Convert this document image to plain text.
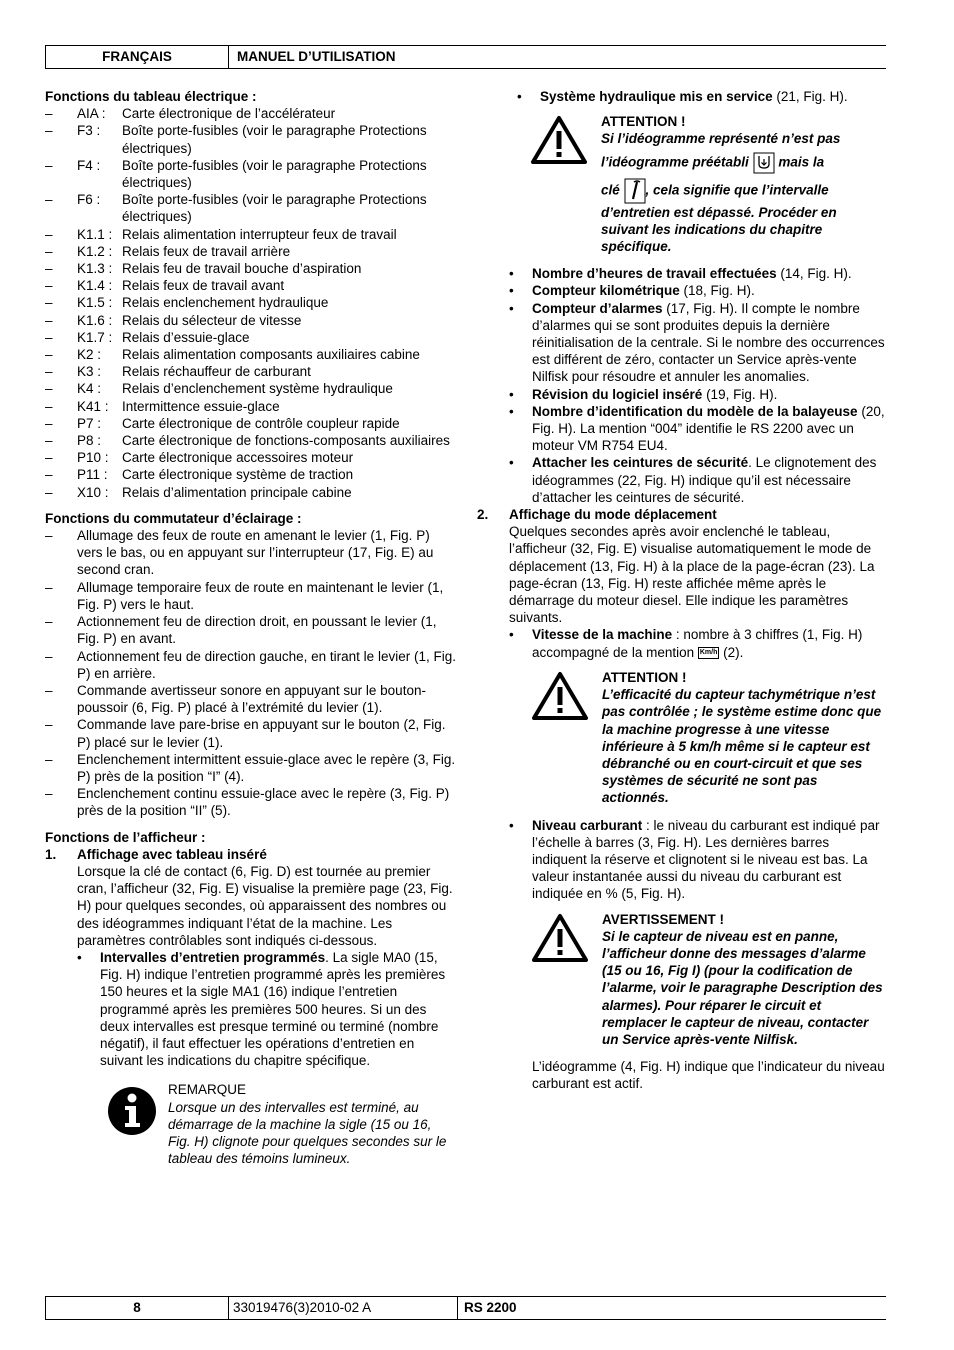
FRANÇAIS	MANUEL D’UTILISATION
Fonctions du tableau électrique :
– AIA :	Carte électronique de l’accélérateur
– F3 :	Boîte porte-fusibles (voir le paragraphe Protections électriques)
– F4 :	Boîte porte-fusibles (voir le paragraphe Protections électriques)
– F6 :	Boîte porte-fusibles (voir le paragraphe Protections électriques)
– K1.1 : Relais alimentation interrupteur feux de travail
– K1.2 : Relais feux de travail arrière
– K1.3 : Relais feu de travail bouche d’aspiration
– K1.4 : Relais feux de travail avant
– K1.5 : Relais enclenchement hydraulique
– K1.6 : Relais du sélecteur de vitesse
– K1.7 : Relais d’essuie-glace
– K2 :	Relais alimentation composants auxiliaires cabine
– K3 :	Relais réchauffeur de carburant
– K4 :	Relais d’enclenchement système hydraulique
– K41 : Intermittence essuie-glace
– P7 :	Carte électronique de contrôle coupleur rapide
– P8 :	Carte électronique de fonctions-composants auxiliaires
– P10 : Carte électronique accessoires moteur
– P11 :	Carte électronique système de traction
– X10 : Relais d’alimentation principale cabine
Fonctions du commutateur d’éclairage :
– Allumage des feux de route en amenant le levier (1, Fig. P) vers le bas, ou en appuyant sur l’interrupteur (17, Fig. E) au second cran.
– Allumage temporaire feux de route en maintenant le levier (1, Fig. P) vers le haut.
– Actionnement feu de direction droit, en poussant le levier (1, Fig. P) en avant.
– Actionnement feu de direction gauche, en tirant le levier (1, Fig. P) en arrière.
– Commande avertisseur sonore en appuyant sur le bouton-poussoir (6, Fig. P) placé à l’extrémité du levier (1).
– Commande lave pare-brise en appuyant sur le bouton (2, Fig. P) placé sur le levier (1).
– Enclenchement intermittent essuie-glace avec le repère (3, Fig. P) près de la position “I” (4).
– Enclenchement continu essuie-glace avec le repère (3, Fig. P) près de la position “II” (5).
Fonctions de l’afficheur :
1. Affichage avec tableau inséré

Lorsque la clé de contact (6, Fig. D) est tournée au premier cran, l’afficheur (32, Fig. E) visualise la première page (23, Fig. H) pour quelques secondes, où apparaissent des nombres ou des idéogrammes indiquant l’état de la machine. Les paramètres contrôlables sont indiqués ci-dessous.

• Intervalles d’entretien programmés. La sigle MA0 (15, Fig. H) indique l’entretien programmé après les premières 150 heures et la sigle MA1 (16) indique l’entretien programmé après les premières 500 heures. Si un des deux intervalles est presque terminé ou terminé (nombre négatif), il faut effectuer les opérations d’entretien en suivant les indications du chapitre spécifique.
REMARQUE
Lorsque un des intervalles est terminé, au démarrage de la machine la sigle (15 ou 16, Fig. H) clignote pour quelques secondes sur le tableau des témoins lumineux.
• Système hydraulique mis en service (21, Fig. H).
ATTENTION !
Si l’idéogramme représenté n’est pas
l’idéogramme préétabli mais la
clé , cela signifie que l’intervalle
d’entretien est dépassé. Procéder en suivant les indications du chapitre spécifique.
• Nombre d’heures de travail effectuées (14, Fig. H).
• Compteur kilométrique (18, Fig. H).
• Compteur d’alarmes (17, Fig. H). Il compte le nombre d’alarmes qui se sont produites depuis la dernière réinitialisation de la centrale. Si le nombre des occurrences est différent de zéro, contacter un Service après-vente Nilfisk pour résoudre et annuler les anomalies.
• Révision du logiciel inséré (19, Fig. H).
• Nombre d’identification du modèle de la balayeuse (20, Fig. H). La mention “004” identifie le RS 2200 avec un moteur VM R754 EU4.
• Attacher les ceintures de sécurité. Le clignotement des idéogrammes (22, Fig. H) indique qu’il est nécessaire d’attacher les ceintures de sécurité.
2. Affichage du mode déplacement

Quelques secondes après avoir enclenché le tableau, l’afficheur (32, Fig. E) visualise automatiquement le mode de déplacement (13, Fig. H) à la place de la page-écran (23). La page-écran (13, Fig. H) reste affichée même après le démarrage du moteur diesel. Elle indique les paramètres suivants.

• Vitesse de la machine : nombre à 3 chiffres (1, Fig. H) accompagné de la mention Km/h (2).
ATTENTION !
L’efficacité du capteur tachymétrique n’est pas contrôlée ; le système estime donc que la machine progresse à une vitesse inférieure à 5 km/h même si le capteur est débranché ou en court-circuit et que ses systèmes de sécurité ne sont pas actionnés.
• Niveau carburant : le niveau du carburant est indiqué par l’échelle à barres (3, Fig. H). Les dernières barres indiquent la réserve et clignotent si le niveau est bas. La valeur instantanée aussi du niveau du carburant est indiquée en % (5, Fig. H).
AVERTISSEMENT !
Si le capteur de niveau est en panne, l’afficheur donne des messages d’alarme (15 ou 16, Fig I) (pour la codification de l’alarme, voir le paragraphe Description des alarmes). Pour réparer le circuit et remplacer le capteur de niveau, contacter un Service après-vente Nilfisk.

L’idéogramme (4, Fig. H) indique que l’indicateur du niveau carburant est actif.

8	33019476(3)2010-02 A	RS 2200
